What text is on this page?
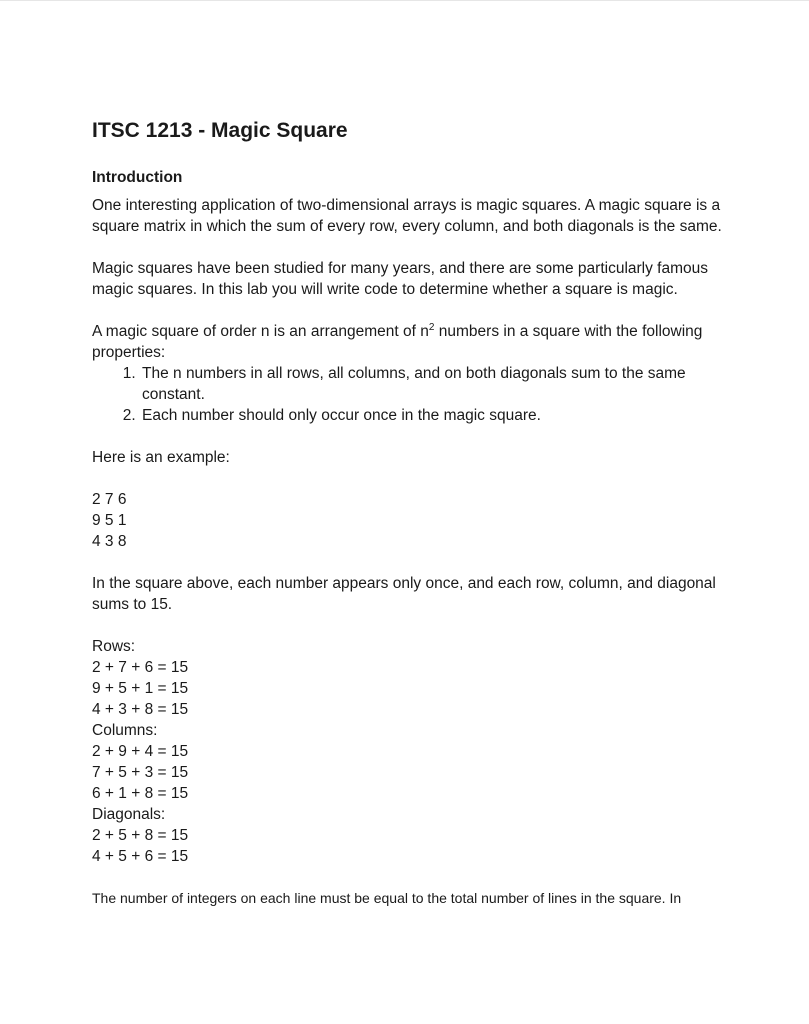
ITSC 1213 - Magic Square
Introduction

One interesting application of two-dimensional arrays is magic squares. A magic square is a square matrix in which the sum of every row, every column, and both diagonals is the same.

Magic squares have been studied for many years, and there are some particularly famous magic squares. In this lab you will write code to determine whether a square is magic.

A magic square of order n is an arrangement of $n^2$ numbers in a square with the following properties:

1. The n numbers in all rows, all columns, and on both diagonals sum to the same constant.
2. Each number should only occur once in the magic square.

Here is an example:

2 7 6

9 5 1

4 3 8

In the square above, each number appears only once, and each row, column, and diagonal sums to 15.

Rows:

2 + 7 + 6 = 15

9 + 5 + 1 = 15

4 + 3 + 8 = 15

Columns:

2 + 9 + 4 = 15

7 + 5 + 3 = 15

6 + 1 + 8 = 15

Diagonals:

2 + 5 + 8 = 15

4 + 5 + 6 = 15

The number of integers on each line must be equal to the total number of lines in the square. In
